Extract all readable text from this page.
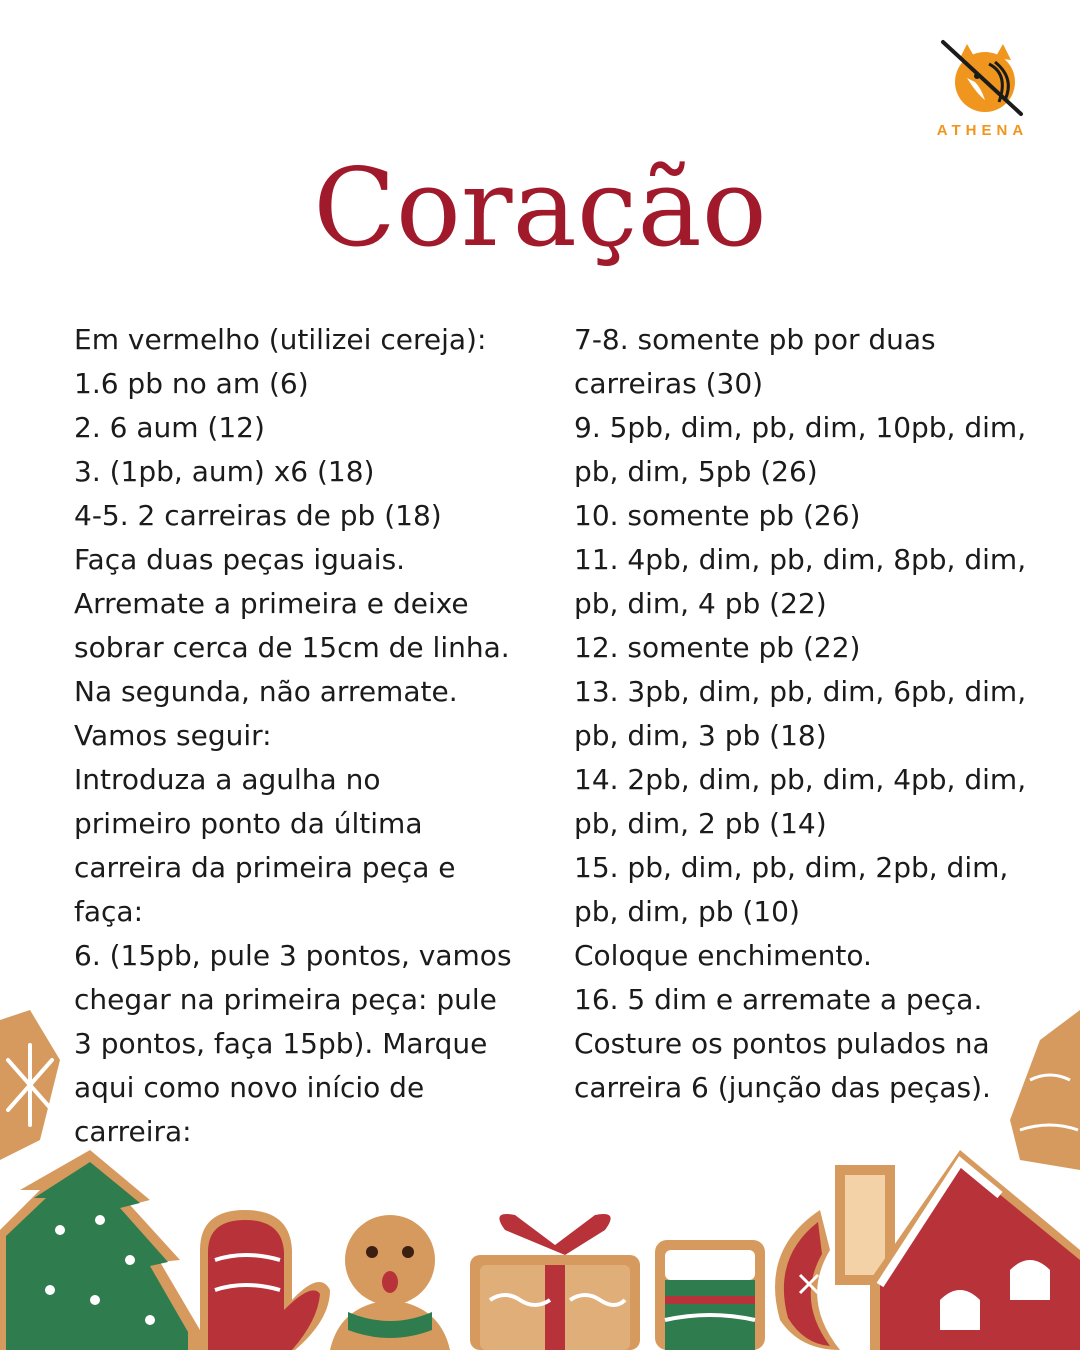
ATHENA
Coração
Em vermelho (utilizei cereja):
1.6 pb no am (6)
2. 6 aum (12)
3. (1pb, aum) x6 (18)
4-5. 2 carreiras de pb (18)
Faça duas peças iguais.
Arremate a primeira e deixe
sobrar cerca de 15cm de linha.
Na segunda, não arremate.
Vamos seguir:
Introduza a agulha no
primeiro ponto da última
carreira da primeira peça e
faça:
6. (15pb, pule 3 pontos, vamos
chegar na primeira peça: pule
3 pontos, faça 15pb). Marque
aqui como novo início de
carreira:
7-8. somente pb por duas
carreiras (30)
9. 5pb, dim, pb, dim, 10pb, dim,
pb, dim, 5pb (26)
10. somente pb (26)
11. 4pb, dim, pb, dim, 8pb, dim,
pb, dim, 4 pb (22)
12. somente pb (22)
13. 3pb, dim, pb, dim, 6pb, dim,
pb, dim, 3 pb (18)
14. 2pb, dim, pb, dim, 4pb, dim,
pb, dim, 2 pb (14)
15. pb, dim, pb, dim, 2pb, dim,
pb, dim, pb (10)
Coloque enchimento.
16. 5 dim e arremate a peça.
Costure os pontos pulados na
carreira 6 (junção das peças).
